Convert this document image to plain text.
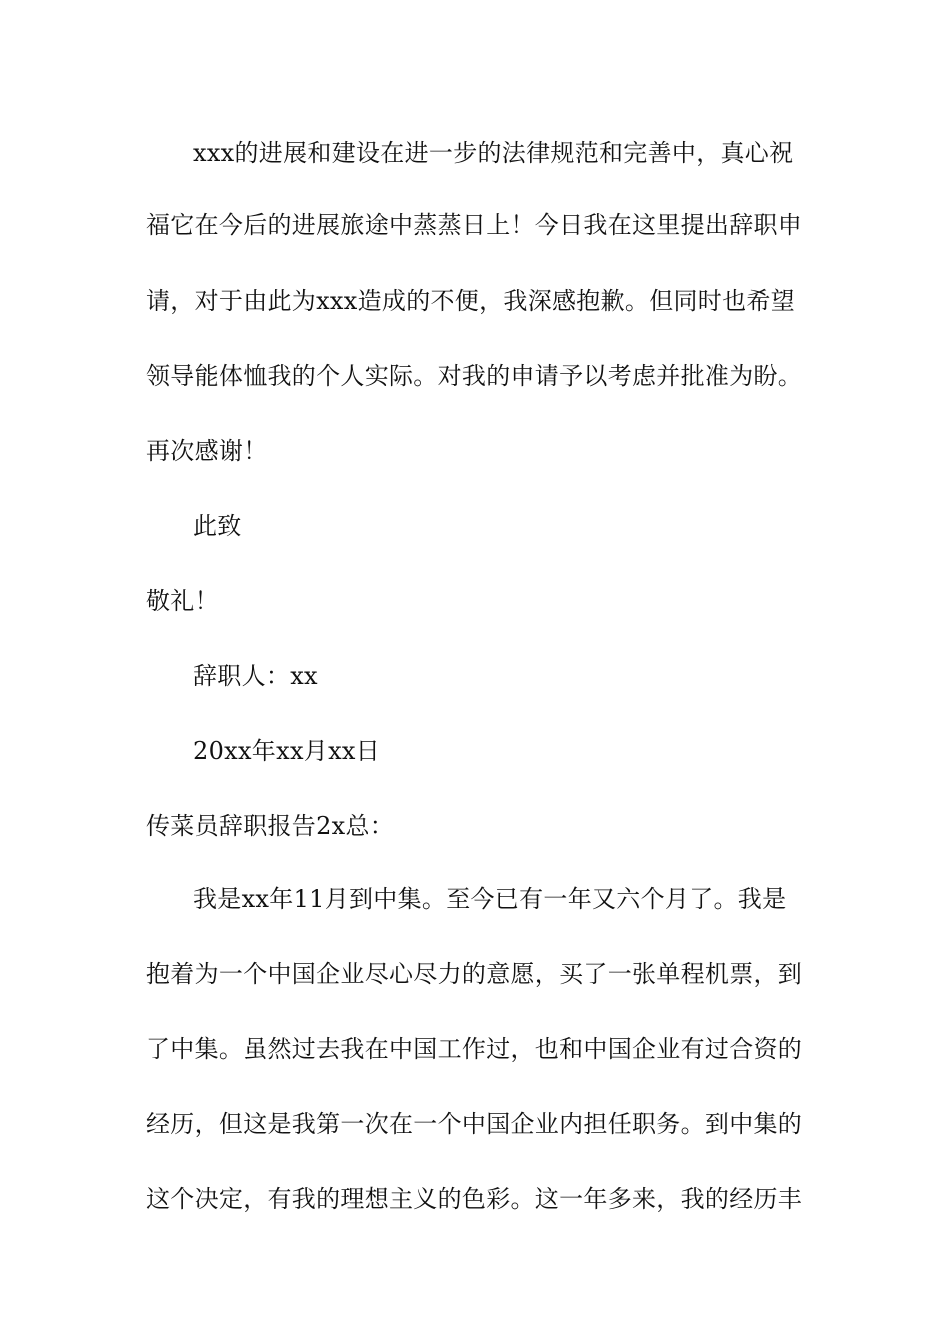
xxx的进展和建设在进一步的法律规范和完善中，真心祝
福它在今后的进展旅途中蒸蒸日上！今日我在这里提出辞职申
请，对于由此为xxx造成的不便，我深感抱歉。但同时也希望
领导能体恤我的个人实际。对我的申请予以考虑并批准为盼。
再次感谢！
此致
敬礼！
辞职人：xx
20xx年xx月xx日
传菜员辞职报告2x总：
我是xx年11月到中集。至今已有一年又六个月了。我是
抱着为一个中国企业尽心尽力的意愿，买了一张单程机票，到
了中集。虽然过去我在中国工作过，也和中国企业有过合资的
经历，但这是我第一次在一个中国企业内担任职务。到中集的
这个决定，有我的理想主义的色彩。这一年多来，我的经历丰
